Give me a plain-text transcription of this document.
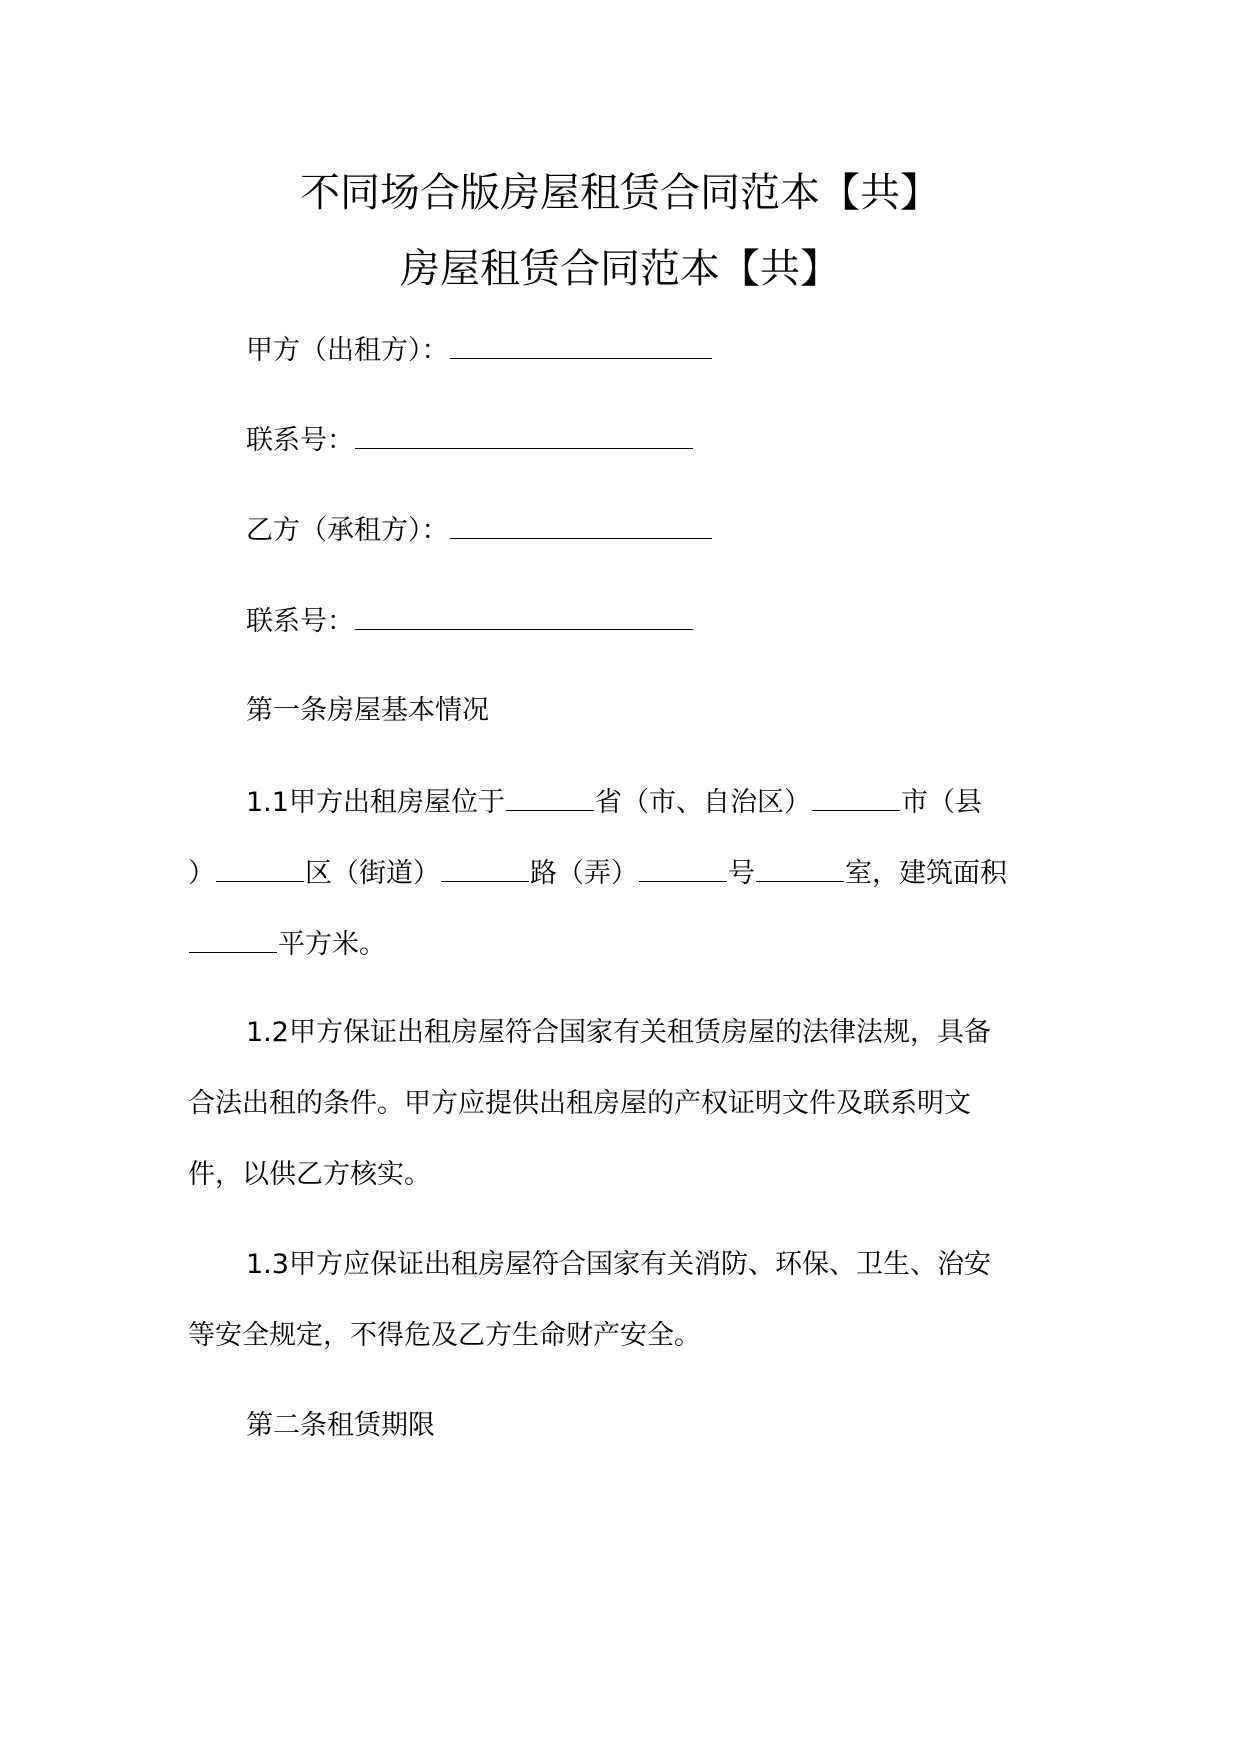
不同场合版房屋租赁合同范本【共】
房屋租赁合同范本【共】
甲方（出租方）：
联系号：
乙方（承租方）：
联系号：
第一条房屋基本情况
1.1甲方出租房屋位于	省（市、自治区）	市（县
）	区（街道）	路（弄）	号	室，建筑面积
平方米。
1.2甲方保证出租房屋符合国家有关租赁房屋的法律法规，具备
合法出租的条件。甲方应提供出租房屋的产权证明文件及联系明文
件，以供乙方核实。
1.3甲方应保证出租房屋符合国家有关消防、环保、卫生、治安
等安全规定，不得危及乙方生命财产安全。
第二条租赁期限
